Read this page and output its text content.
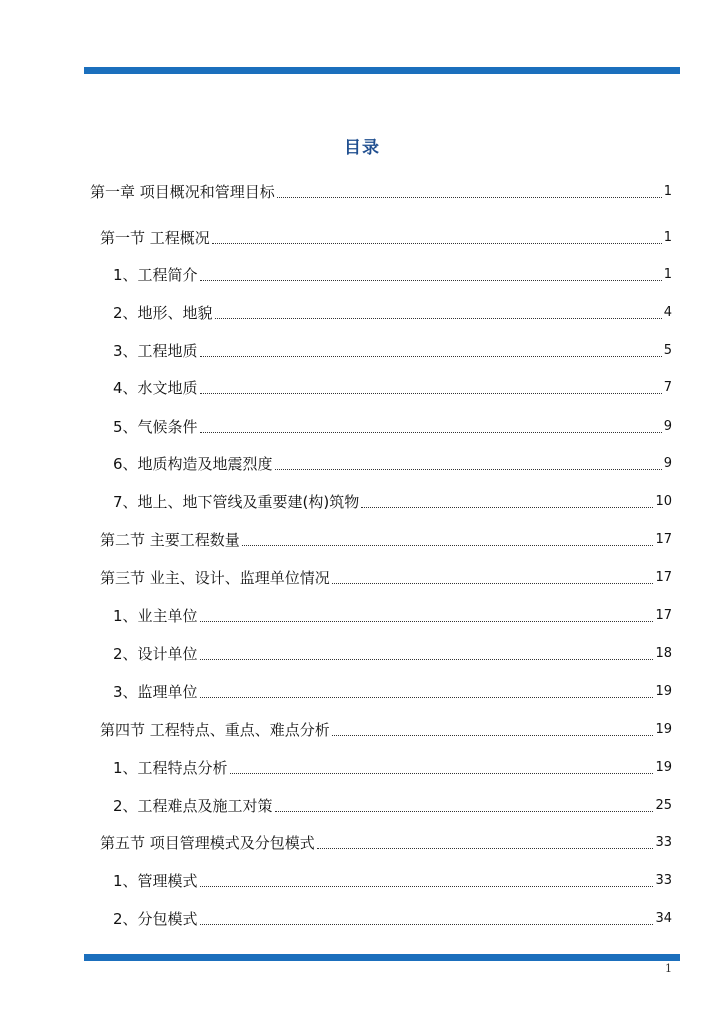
目录
第一章 项目概况和管理目标	1
第一节 工程概况	1
1、工程简介	1
2、地形、地貌	4
3、工程地质	5
4、水文地质	7
5、气候条件	9
6、地质构造及地震烈度	9
7、地上、地下管线及重要建(构)筑物	10
第二节 主要工程数量	17
第三节 业主、设计、监理单位情况	17
1、业主单位	17
2、设计单位	18
3、监理单位	19
第四节 工程特点、重点、难点分析	19
1、工程特点分析	19
2、工程难点及施工对策	25
第五节 项目管理模式及分包模式	33
1、管理模式	33
2、分包模式	34
1
